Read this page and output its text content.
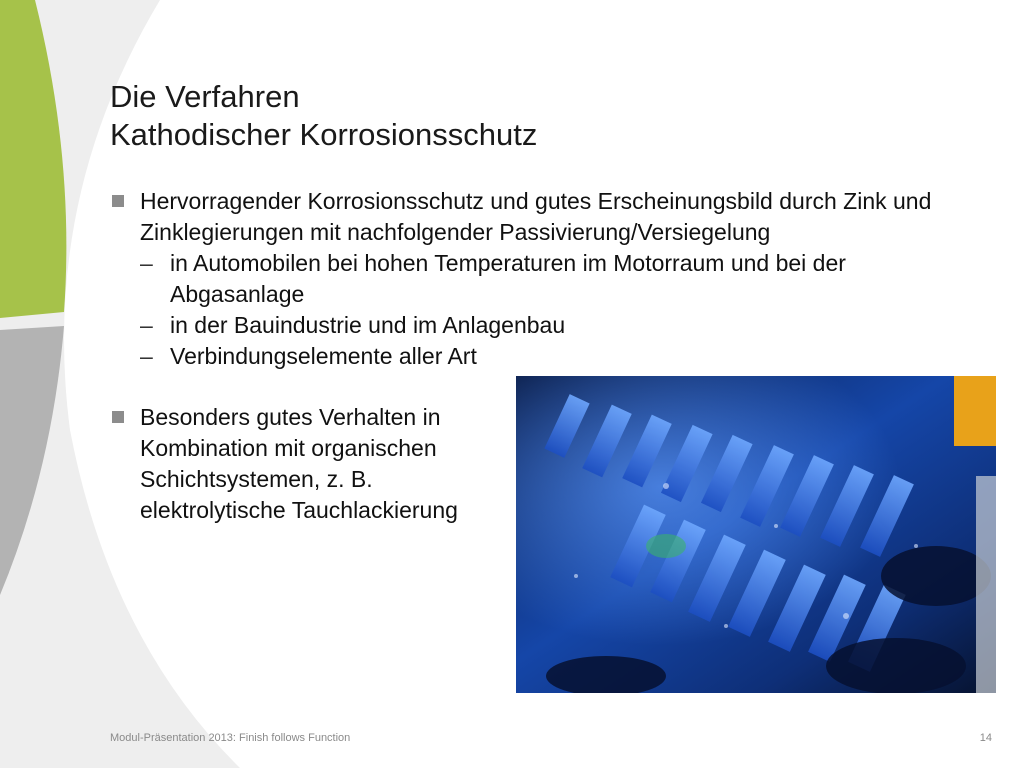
Die Verfahren
Kathodischer Korrosionsschutz
Hervorragender Korrosionsschutz und gutes Erscheinungsbild durch Zink und Zinklegierungen mit nachfolgender Passivierung/Versiegelung
– in Automobilen bei hohen Temperaturen im Motorraum und bei der Abgasanlage
– in der Bauindustrie und im Anlagenbau
– Verbindungselemente aller Art
Besonders gutes Verhalten in Kombination mit organischen Schichtsystemen, z. B. elektrolytische Tauchlackierung
Modul-Präsentation 2013: Finish follows Function	14
